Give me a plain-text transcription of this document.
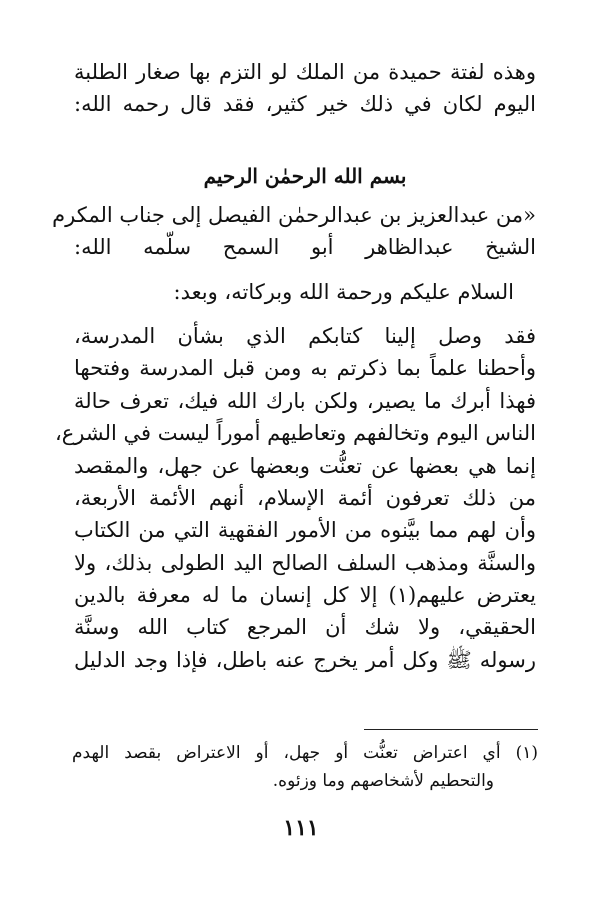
وهذه لفتة حميدة من الملك لو التزم بها صغار الطلبة
اليوم لكان في ذلك خير كثير، فقد قال رحمه الله:
بسم الله الرحمٰن الرحيم
«من عبدالعزيز بن عبدالرحمٰن الفيصل إلى جناب المكرم
الشيخ عبدالظاهر أبو السمح سلّمه الله:
السلام عليكم ورحمة الله وبركاته، وبعد:
فقد وصل إلينا كتابكم الذي بشأن المدرسة،
وأحطنا علماً بما ذكرتم به ومن قبل المدرسة وفتحها
فهذا أبرك ما يصير، ولكن بارك الله فيك، تعرف حالة
الناس اليوم وتخالفهم وتعاطيهم أموراً ليست في الشرع،
إنما هي بعضها عن تعنُّت وبعضها عن جهل، والمقصد
من ذلك تعرفون أئمة الإسلام، أنهم الأئمة الأربعة،
وأن لهم مما بيَّنوه من الأمور الفقهية التي من الكتاب
والسنَّة ومذهب السلف الصالح اليد الطولى بذلك، ولا
يعترض عليهم(١) إلا كل إنسان ما له معرفة بالدين
الحقيقي، ولا شك أن المرجع كتاب الله وسنَّة
رسوله ﷺ وكل أمر يخرج عنه باطل، فإذا وجد الدليل
(١) أي اعتراض تعنُّت أو جهل، أو الاعتراض بقصد الهدم
والتحطيم لأشخاصهم وما وزئوه.
١١١
